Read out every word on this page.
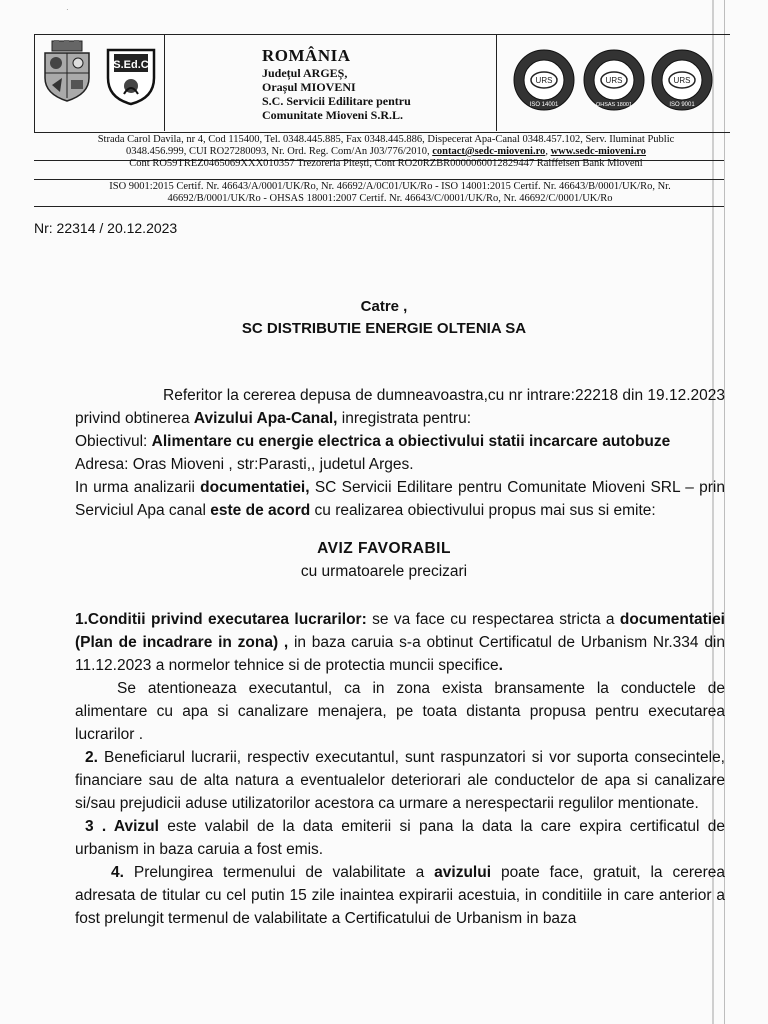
·
S.Ed.C	ROMÂNIA
Județul ARGEȘ,
Orașul MIOVENI
S.C. Servicii Edilitare pentru
Comunitate Mioveni S.R.L.
URS
ISO 14001
URS
OHSAS 18001
URS
ISO 9001
Strada Carol Davila, nr 4, Cod 115400, Tel. 0348.445.885, Fax 0348.445.886, Dispecerat Apa-Canal 0348.457.102, Serv. Iluminat Public
0348.456.999, CUI RO27280093, Nr. Ord. Reg. Com/An J03/776/2010, contact@sedc-mioveni.ro, www.sedc-mioveni.ro
Cont RO59TREZ0465069XXX010357 Trezoreria Pitești, Cont RO20RZBR0000060012829447 Raiffeisen Bank Mioveni
ISO 9001:2015 Certif. Nr. 46643/A/0001/UK/Ro, Nr. 46692/A/0C01/UK/Ro - ISO 14001:2015 Certif. Nr. 46643/B/0001/UK/Ro, Nr.
46692/B/0001/UK/Ro - OHSAS 18001:2007 Certif. Nr. 46643/C/0001/UK/Ro, Nr. 46692/C/0001/UK/Ro
Nr: 22314 / 20.12.2023
Catre ,
SC DISTRIBUTIE ENERGIE OLTENIA SA
Referitor la cererea depusa de dumneavoastra,cu nr intrare:22218 din 19.12.2023 privind obtinerea Avizului Apa-Canal, inregistrata pentru:
Obiectivul: Alimentare cu energie electrica a obiectivului statii incarcare autobuze
Adresa: Oras Mioveni , str:Parasti,, judetul Arges.
In urma analizarii documentatiei, SC Servicii Edilitare pentru Comunitate Mioveni SRL – prin Serviciul Apa canal este de acord cu realizarea obiectivului propus mai sus si emite:
AVIZ FAVORABIL
cu urmatoarele precizari
1.Conditii privind executarea lucrarilor: se va face cu respectarea stricta a documentatiei (Plan de incadrare in zona) , in baza caruia s-a obtinut Certificatul de Urbanism Nr.334 din 11.12.2023 a normelor tehnice si de protectia muncii specifice.
Se atentioneaza executantul, ca in zona exista bransamente la conductele de alimentare cu apa si canalizare menajera, pe toata distanta propusa pentru executarea lucrarilor .
2. Beneficiarul lucrarii, respectiv executantul, sunt raspunzatori si vor suporta consecintele, financiare sau de alta natura a eventualelor deteriorari ale conductelor de apa si canalizare si/sau prejudicii aduse utilizatorilor acestora ca urmare a nerespectarii regulilor mentionate.
3 . Avizul este valabil de la data emiterii si pana la data la care expira certificatul de urbanism in baza caruia a fost emis.
4. Prelungirea termenului de valabilitate a avizului poate face, gratuit, la cererea adresata de titular cu cel putin 15 zile inaintea expirarii acestuia, in conditiile in care anterior a fost prelungit termenul de valabilitate a Certificatului de Urbanism in baza
